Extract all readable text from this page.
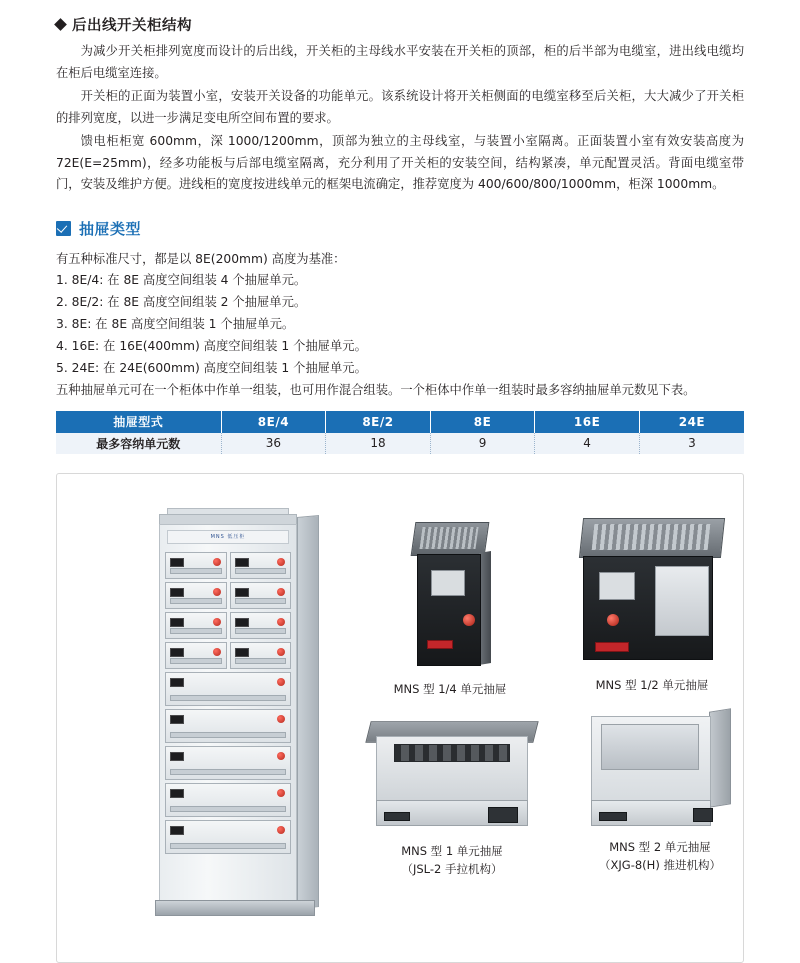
后出线开关柜结构

为减少开关柜排列宽度而设计的后出线，开关柜的主母线水平安装在开关柜的顶部，柜的后半部为电缆室，进出线电缆均在柜后电缆室连接。

开关柜的正面为装置小室，安装开关设备的功能单元。该系统设计将开关柜侧面的电缆室移至后关柜，大大减少了开关柜的排列宽度，以进一步满足变电所空间布置的要求。

馈电柜柜宽 600mm，深 1000/1200mm，顶部为独立的主母线室，与装置小室隔离。正面装置小室有效安装高度为 72E(E=25mm)，经多功能板与后部电缆室隔离，充分利用了开关柜的安装空间，结构紧凑，单元配置灵活。背面电缆室带门，安装及维护方便。进线柜的宽度按进线单元的框架电流确定，推荐宽度为 400/600/800/1000mm，柜深 1000mm。

抽屉类型

有五种标准尺寸，都是以 8E(200mm) 高度为基准：

1. 8E/4: 在 8E 高度空间组装 4 个抽屉单元。

2. 8E/2: 在 8E 高度空间组装 2 个抽屉单元。

3. 8E: 在 8E 高度空间组装 1 个抽屉单元。

4. 16E: 在 16E(400mm) 高度空间组装 1 个抽屉单元。

5. 24E: 在 24E(600mm) 高度空间组装 1 个抽屉单元。

五种抽屉单元可在一个柜体中作单一组装，也可用作混合组装。一个柜体中作单一组装时最多容纳抽屉单元数见下表。

抽屉型式	8E/4	8E/2	8E	16E	24E
最多容纳单元数	36	18	9	4	3
MNS 低压柜
MNS 型 1/4 单元抽屉	MNS 型 1/2 单元抽屉
MNS 型 1 单元抽屉
（JSL-2 手拉机构）
MNS 型 2 单元抽屉
（XJG-8(H) 推进机构）
